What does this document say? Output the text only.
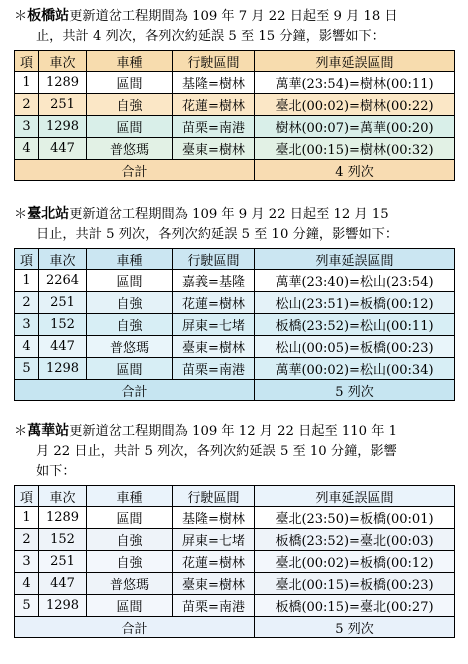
＊板橋站更新道岔工程期間為 109 年 7 月 22 日起至 9 月 18 日
止，共計 4 列次，各列次約延誤 5 至 15 分鐘，影響如下：
項	車次	車種	行駛區間	列車延誤區間
1	1289	區間	基隆=樹林	萬華(23:54)=樹林(00:11)
2	251	自強	花蓮=樹林	臺北(00:02)=樹林(00:22)
3	1298	區間	苗栗=南港	樹林(00:07)=萬華(00:20)
4	447	普悠瑪	臺東=樹林	臺北(00:15)=樹林(00:32)
合計				4 列次
＊臺北站更新道岔工程期間為 109 年 9 月 22 日起至 12 月 15
日止，共計 5 列次，各列次約延誤 5 至 10 分鐘，影響如下：
項	車次	車種	行駛區間	列車延誤區間
1	2264	區間	嘉義=基隆	萬華(23:40)=松山(23:54)
2	251	自強	花蓮=樹林	松山(23:51)=板橋(00:12)
3	152	自強	屏東=七堵	板橋(23:52)=松山(00:11)
4	447	普悠瑪	臺東=樹林	松山(00:05)=板橋(00:23)
5	1298	區間	苗栗=南港	萬華(00:02)=松山(00:34)
合計				5 列次
＊萬華站更新道岔工程期間為 109 年 12 月 22 日起至 110 年 1
月 22 日止，共計 5 列次，各列次約延誤 5 至 10 分鐘，影響
如下：
項	車次	車種	行駛區間	列車延誤區間
1	1289	區間	基隆=樹林	臺北(23:50)=板橋(00:01)
2	152	自強	屏東=七堵	板橋(23:52)=臺北(00:03)
3	251	自強	花蓮=樹林	臺北(00:02)=板橋(00:12)
4	447	普悠瑪	臺東=樹林	臺北(00:15)=板橋(00:23)
5	1298	區間	苗栗=南港	板橋(00:15)=臺北(00:27)
合計				5 列次
